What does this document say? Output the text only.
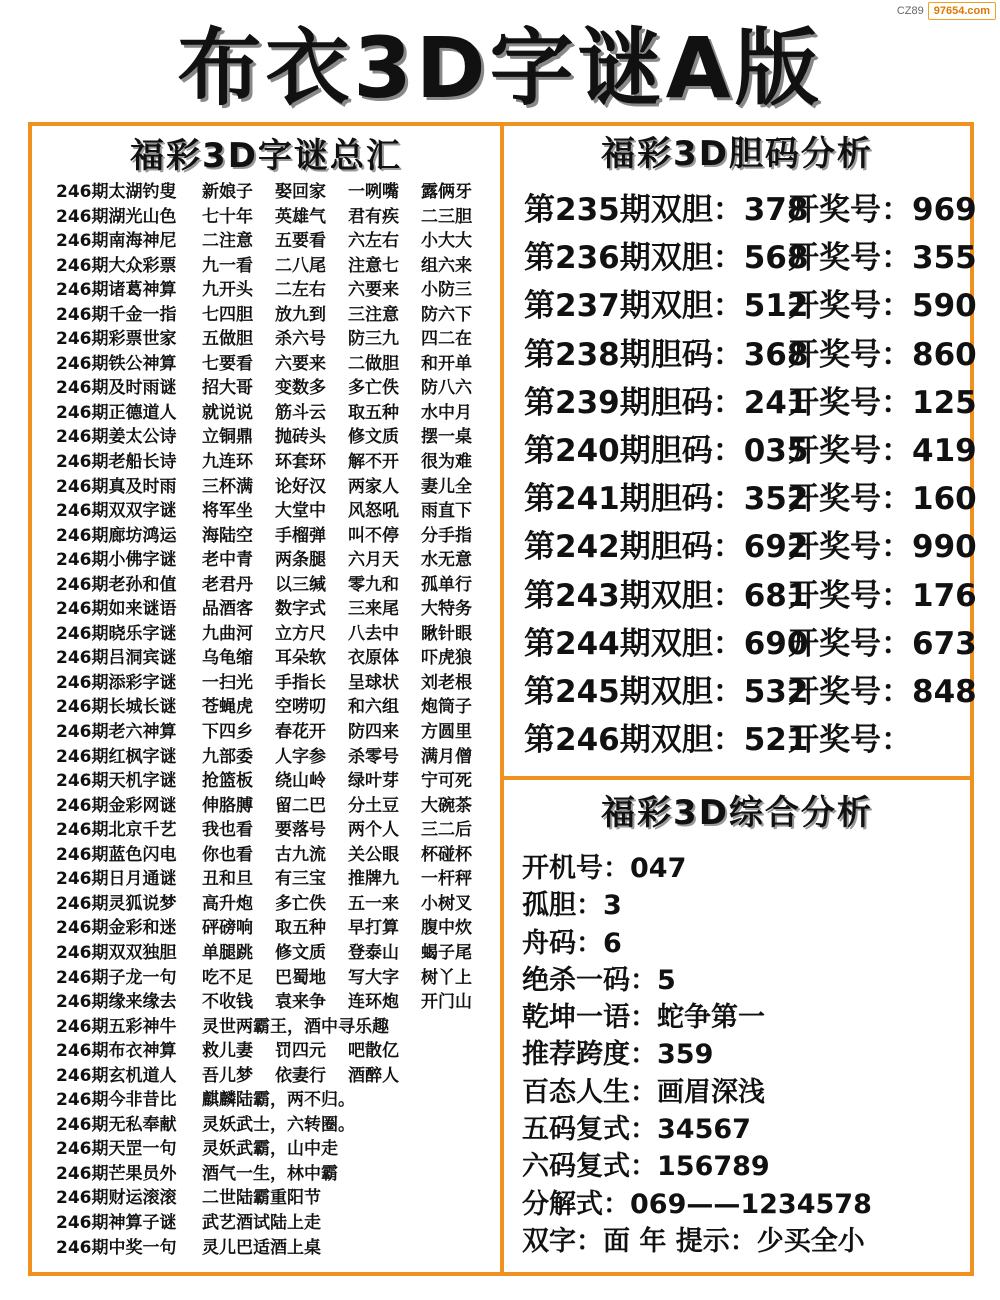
CZ89 97654.com
布衣3D字谜A版
福彩3D字谜总汇
246期太湖钓叟 新娘子 娶回家 一咧嘴 露俩牙
246期湖光山色 七十年 英雄气 君有疾 二三胆
246期南海神尼 二注意 五要看 六左右 小大大
246期大众彩票 九一看 二八尾 注意七 组六来
246期诸葛神算 九开头 二左右 六要来 小防三
246期千金一指 七四胆 放九到 三注意 防六下
246期彩票世家 五做胆 杀六号 防三九 四二在
246期铁公神算 七要看 六要来 二做胆 和开单
246期及时雨谜 招大哥 变数多 多亡佚 防八六
246期正德道人 就说说 筋斗云 取五种 水中月
246期姜太公诗 立铜鼎 抛砖头 修文质 摆一桌
246期老船长诗 九连环 环套环 解不开 很为难
246期真及时雨 三杯满 论好汉 两家人 妻儿全
246期双双字谜 将军坐 大堂中 风怒吼 雨直下
246期廊坊鸿运 海陆空 手榴弹 叫不停 分手指
246期小佛字谜 老中青 两条腿 六月天 水无意
246期老孙和值 老君丹 以三缄 零九和 孤单行
246期如来谜语 品酒客 数字式 三来尾 大特务
246期晓乐字谜 九曲河 立方尺 八去中 瞅针眼
246期吕洞宾谜 乌龟缩 耳朵软 衣原体 吓虎狼
246期添彩字谜 一扫光 手指长 呈球状 刘老根
246期长城长谜 苍蝇虎 空唠叨 和六组 炮筒子
246期老六神算 下四乡 春花开 防四来 方圆里
246期红枫字谜 九部委 人字参 杀零号 满月僧
246期天机字谜 抢篮板 绕山岭 绿叶芽 宁可死
246期金彩网谜 伸胳膊 留二巴 分土豆 大碗茶
246期北京千艺 我也看 要落号 两个人 三二后
246期蓝色闪电 你也看 古九流 关公眼 杯碰杯
246期日月通谜 丑和旦 有三宝 推牌九 一杆秤
246期灵狐说梦 高升炮 多亡佚 五一来 小树叉
246期金彩和迷 砰磅响 取五种 早打算 腹中炊
246期双双独胆 单腿跳 修文质 登泰山 蝎子尾
246期子龙一句 吃不足 巴蜀地 写大字 树丫上
246期缘来缘去 不收钱 袁来争 连环炮 开门山
246期五彩神牛 灵世两霸王，酒中寻乐趣
246期布衣神算 救儿妻 罚四元 吧散亿
246期玄机道人 吾儿梦 依妻行 酒醉人
246期今非昔比 麒麟陆霸，两不归。
246期无私奉献 灵妖武士，六转圈。
246期天罡一句 灵妖武霸，山中走
246期芒果员外 酒气一生，林中霸
246期财运滚滚 二世陆霸重阳节
246期神算子谜 武艺酒试陆上走
246期中奖一句 灵儿巴适酒上桌
福彩3D胆码分析
第235期双胆：378开奖号：969
第236期双胆：568开奖号：355
第237期双胆：512开奖号：590
第238期胆码：368开奖号：860
第239期胆码：241开奖号：125
第240期胆码：035开奖号：419
第241期胆码：352开奖号：160
第242期胆码：692开奖号：990
第243期双胆：681开奖号：176
第244期双胆：690开奖号：673
第245期双胆：532开奖号：848
第246期双胆：521开奖号：
福彩3D综合分析
开机号：047
孤胆：3
舟码：6
绝杀一码：5
乾坤一语：蛇争第一
推荐跨度：359
百态人生：画眉深浅
五码复式：34567
六码复式：156789
分解式：069——1234578
双字：面 年 提示：少买全小
